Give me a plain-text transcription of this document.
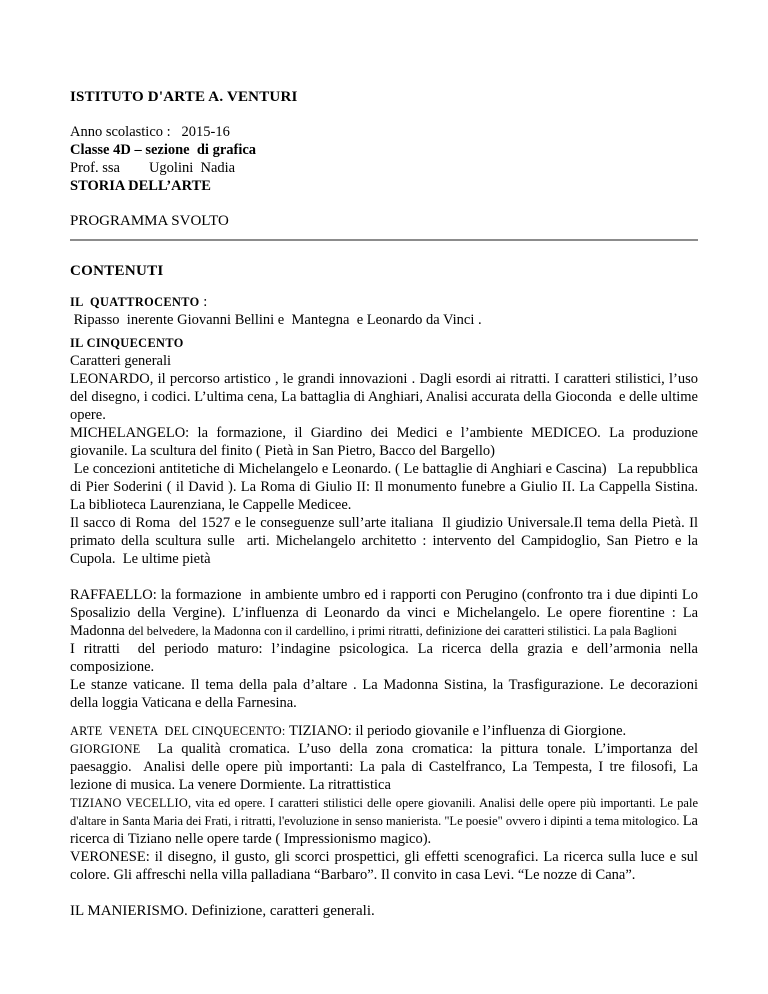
ISTITUTO D'ARTE A. VENTURI

Anno scolastico :   2015-16

Classe 4D – sezione  di grafica

Prof. ssa        Ugolini  Nadia

STORIA DELL’ARTE

PROGRAMMA SVOLTO

CONTENUTI

IL  QUATTROCENTO :

Ripasso  inerente Giovanni Bellini e  Mantegna  e Leonardo da Vinci .

IL CINQUECENTO

Caratteri generali

LEONARDO, il percorso artistico , le grandi innovazioni . Dagli esordi ai ritratti. I caratteri stilistici, l’uso del disegno, i codici. L’ultima cena, La battaglia di Anghiari, Analisi accurata della Gioconda  e delle ultime opere.

MICHELANGELO: la formazione, il Giardino dei Medici e l’ambiente MEDICEO. La produzione giovanile. La scultura del finito ( Pietà in San Pietro, Bacco del Bargello)

Le concezioni antitetiche di Michelangelo e Leonardo. ( Le battaglie di Anghiari e Cascina)   La repubblica di Pier Soderini ( il David ). La Roma di Giulio II: Il monumento funebre a Giulio II. La Cappella Sistina. La biblioteca Laurenziana, le Cappelle Medicee.

Il sacco di Roma  del 1527 e le conseguenze sull’arte italiana  Il giudizio Universale.Il tema della Pietà. Il primato della scultura sulle  arti. Michelangelo architetto : intervento del Campidoglio, San Pietro e la Cupola.  Le ultime pietà

RAFFAELLO: la formazione  in ambiente umbro ed i rapporti con Perugino (confronto tra i due dipinti Lo Sposalizio della Vergine). L’influenza di Leonardo da vinci e Michelangelo. Le opere fiorentine : La Madonna del belvedere, la Madonna con il cardellino, i primi ritratti, definizione dei caratteri stilistici. La pala Baglioni

I ritratti  del periodo maturo: l’indagine psicologica. La ricerca della grazia e dell’armonia nella composizione.

Le stanze vaticane. Il tema della pala d’altare . La Madonna Sistina, la Trasfigurazione. Le decorazioni della loggia Vaticana e della Farnesina.

ARTE  VENETA  DEL CINQUECENTO: TIZIANO: il periodo giovanile e l’influenza di Giorgione.

GIORGIONE  La qualità cromatica. L’uso della zona cromatica: la pittura tonale. L’importanza del paesaggio.  Analisi delle opere più importanti: La pala di Castelfranco, La Tempesta, I tre filosofi, La lezione di musica. La venere Dormiente. La ritrattistica

TIZIANO VECELLIO, vita ed opere. I caratteri stilistici delle opere giovanili. Analisi delle opere più importanti. Le pale d'altare in Santa Maria dei Frati, i ritratti, l'evoluzione in senso manierista. "Le poesie" ovvero i dipinti a tema mitologico. La ricerca di Tiziano nelle opere tarde ( Impressionismo magico).

VERONESE: il disegno, il gusto, gli scorci prospettici, gli effetti scenografici. La ricerca sulla luce e sul colore. Gli affreschi nella villa palladiana “Barbaro”. Il convito in casa Levi. “Le nozze di Cana”.

IL MANIERISMO. Definizione, caratteri generali.
